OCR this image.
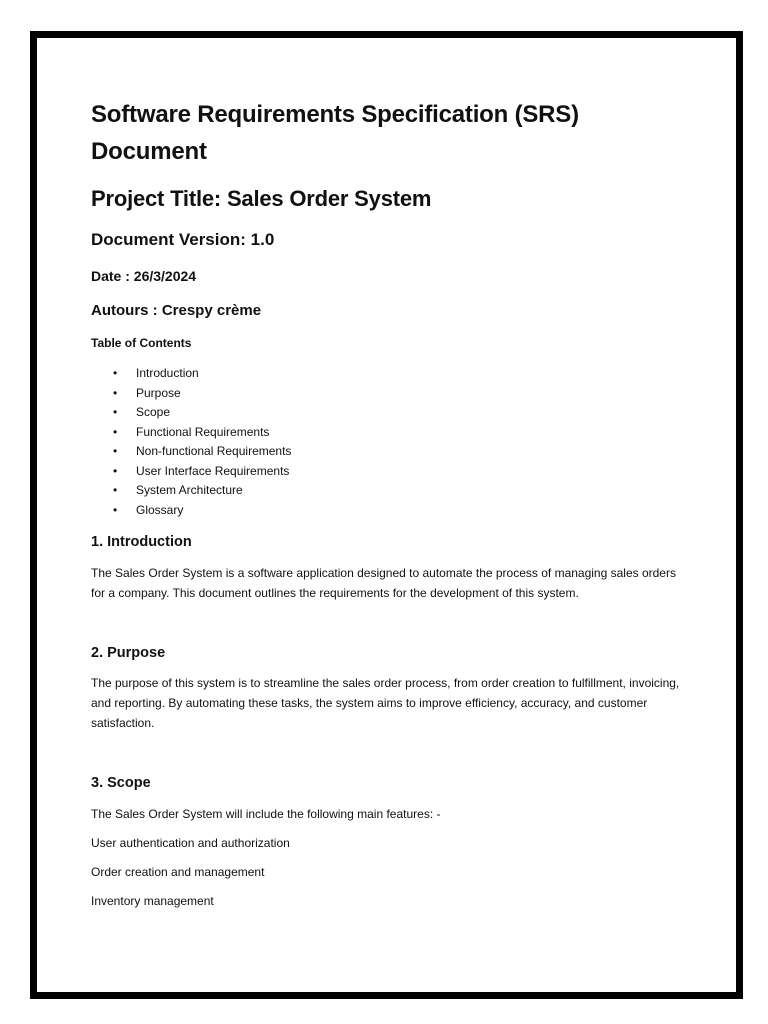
Software Requirements Specification (SRS) Document
Project Title: Sales Order System
Document Version: 1.0
Date : 26/3/2024
Autours : Crespy crème
Table of Contents
• Introduction
• Purpose
• Scope
• Functional Requirements
• Non-functional Requirements
• User Interface Requirements
• System Architecture
• Glossary
1. Introduction

The Sales Order System is a software application designed to automate the process of managing sales orders for a company. This document outlines the requirements for the development of this system.

2. Purpose

The purpose of this system is to streamline the sales order process, from order creation to fulfillment, invoicing, and reporting. By automating these tasks, the system aims to improve efficiency, accuracy, and customer satisfaction.

3. Scope

The Sales Order System will include the following main features: -

User authentication and authorization

Order creation and management

Inventory management
